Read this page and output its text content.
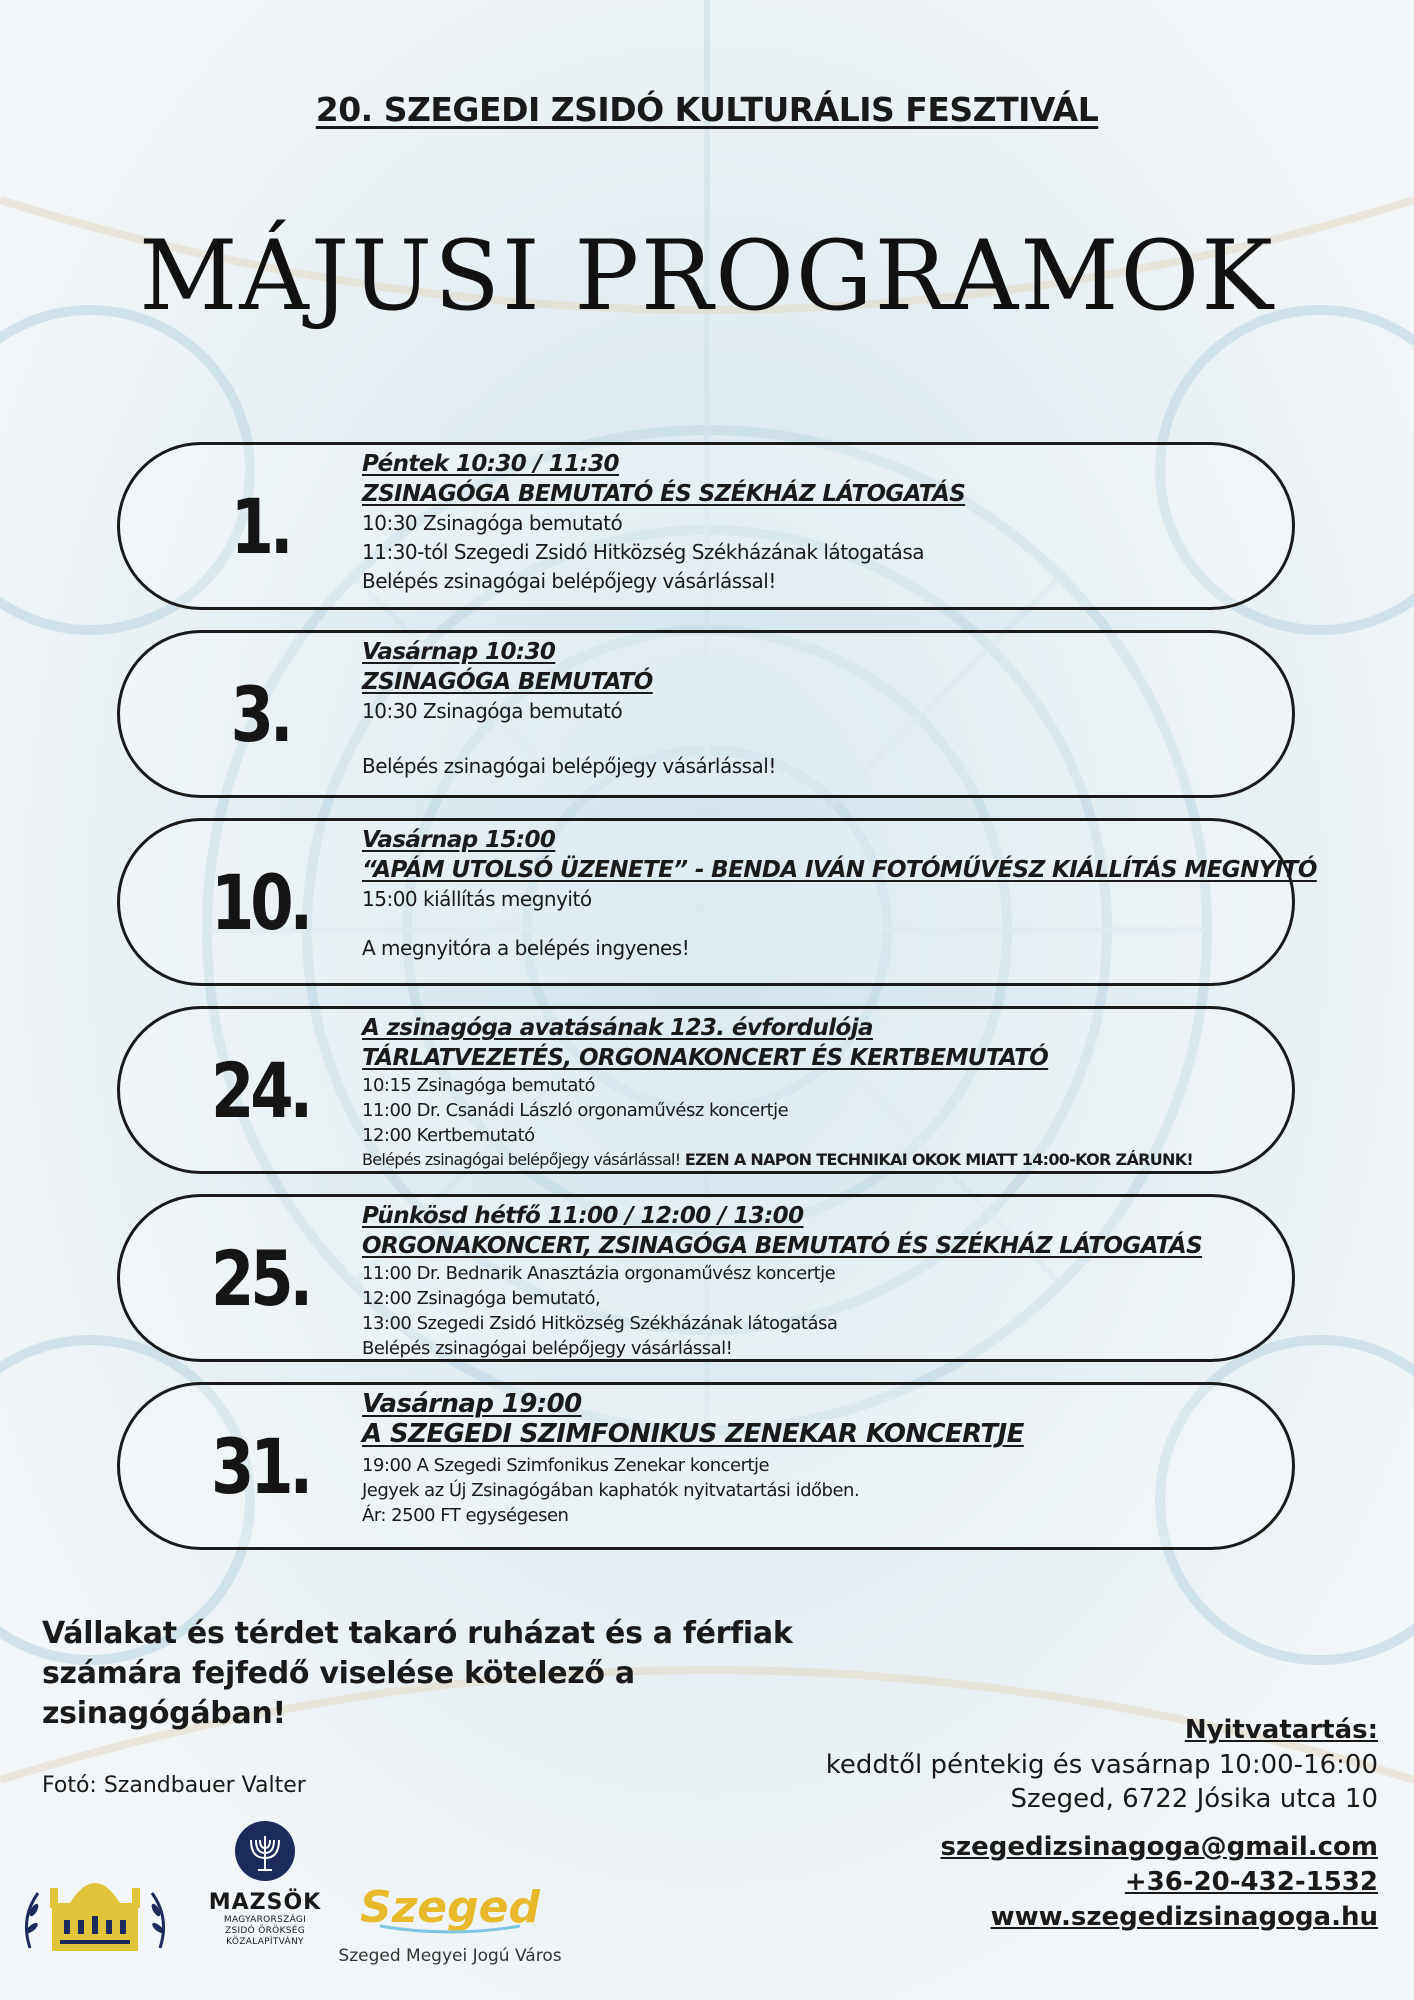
20. SZEGEDI ZSIDÓ KULTURÁLIS FESZTIVÁL
MÁJUSI PROGRAMOK
1.
Péntek 10:30 / 11:30
ZSINAGÓGA BEMUTATÓ ÉS SZÉKHÁZ LÁTOGATÁS
10:30 Zsinagóga bemutató
11:30-tól Szegedi Zsidó Hitközség Székházának látogatása
Belépés zsinagógai belépőjegy vásárlással!
3.
Vasárnap 10:30
ZSINAGÓGA BEMUTATÓ
10:30 Zsinagóga bemutató
Belépés zsinagógai belépőjegy vásárlással!
10.
Vasárnap 15:00
“APÁM UTOLSÓ ÜZENETE” - BENDA IVÁN FOTÓMŰVÉSZ KIÁLLÍTÁS MEGNYITÓ
15:00 kiállítás megnyitó
A megnyitóra a belépés ingyenes!
24.
A zsinagóga avatásának 123. évfordulója
TÁRLATVEZETÉS, ORGONAKONCERT ÉS KERTBEMUTATÓ
10:15 Zsinagóga bemutató
11:00 Dr. Csanádi László orgonaművész koncertje
12:00 Kertbemutató
Belépés zsinagógai belépőjegy vásárlással! EZEN A NAPON TECHNIKAI OKOK MIATT 14:00-KOR ZÁRUNK!
25.
Pünkösd hétfő 11:00 / 12:00 / 13:00
ORGONAKONCERT, ZSINAGÓGA BEMUTATÓ ÉS SZÉKHÁZ LÁTOGATÁS
11:00 Dr. Bednarik Anasztázia orgonaművész koncertje
12:00 Zsinagóga bemutató,
13:00 Szegedi Zsidó Hitközség Székházának látogatása
Belépés zsinagógai belépőjegy vásárlással!
31.
Vasárnap 19:00
A SZEGEDI SZIMFONIKUS ZENEKAR KONCERTJE
19:00 A Szegedi Szimfonikus Zenekar koncertje
Jegyek az Új Zsinagógában kaphatók nyitvatartási időben.
Ár: 2500 FT egységesen
Vállakat és térdet takaró ruházat és a férfiak
számára fejfedő viselése kötelező a
zsinagógában!
Fotó: Szandbauer Valter
Nyitvatartás:
keddtől péntekig és vasárnap 10:00-16:00
Szeged, 6722 Jósika utca 10
szegedizsinagoga@gmail.com
+36-20-432-1532
www.szegedizsinagoga.hu
MAZSÖK
MAGYARORSZÁGI
ZSIDÓ ÖRÖKSÉG
KÖZALAPÍTVÁNY
Szeged
Szeged Megyei Jogú Város
